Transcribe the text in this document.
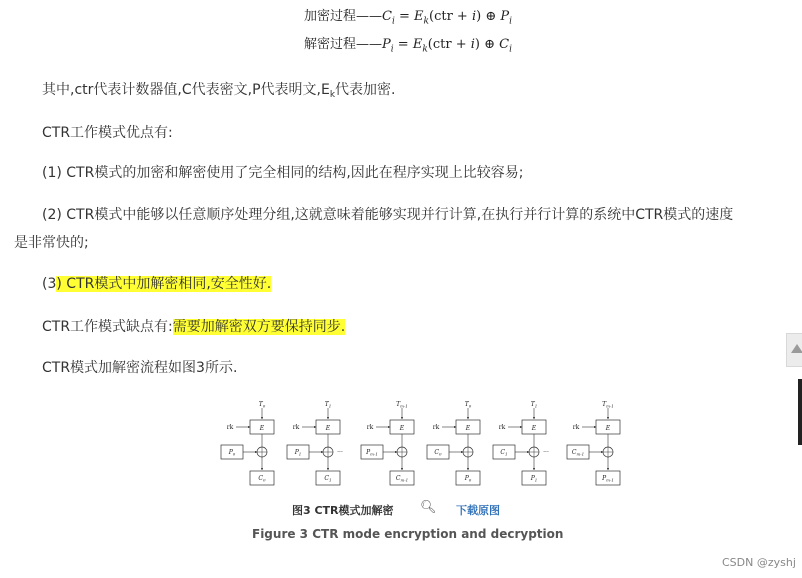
加密过程$——C_i = E_k(ctr + i)$ ⊕ $P_i$
解密过程$——P_i = E_k(ctr + i)$ ⊕ $C_i$
其中,ctr代表计数器值,C代表密文,P代表明文$,E_k$代表加密.
CTR工作模式优点有:
(1) CTR模式的加密和解密使用了完全相同的结构,因此在程序实现上比较容易;
(2) CTR模式中能够以任意顺序处理分组,这就意味着能够实现并行计算,在执行并行计算的系统中CTR模式的速度
是非常快的;
(3) CTR模式中加解密相同,安全性好.
CTR工作模式缺点有:需要加解密双方要保持同步.
CTR模式加解密流程如图3所示.
$T_0$
rk	E
$P_0$
$C_0$
$T_1$
rk	E
$P_1$
$C_1$
$T_{m-1}$
rk	E
$P_{m-1}$
$C_{m-1}$
$T_0$
rk	E
$C_0$
$P_0$
$T_1$
rk	E
$C_1$
$P_1$
$T_{m-1}$
rk	E
$C_{m-1}$
$P_{m-1}$
···	···
图3 CTR模式加解密 🔍︎ 下载原图
Figure 3 CTR mode encryption and decryption
CSDN @zyshj
